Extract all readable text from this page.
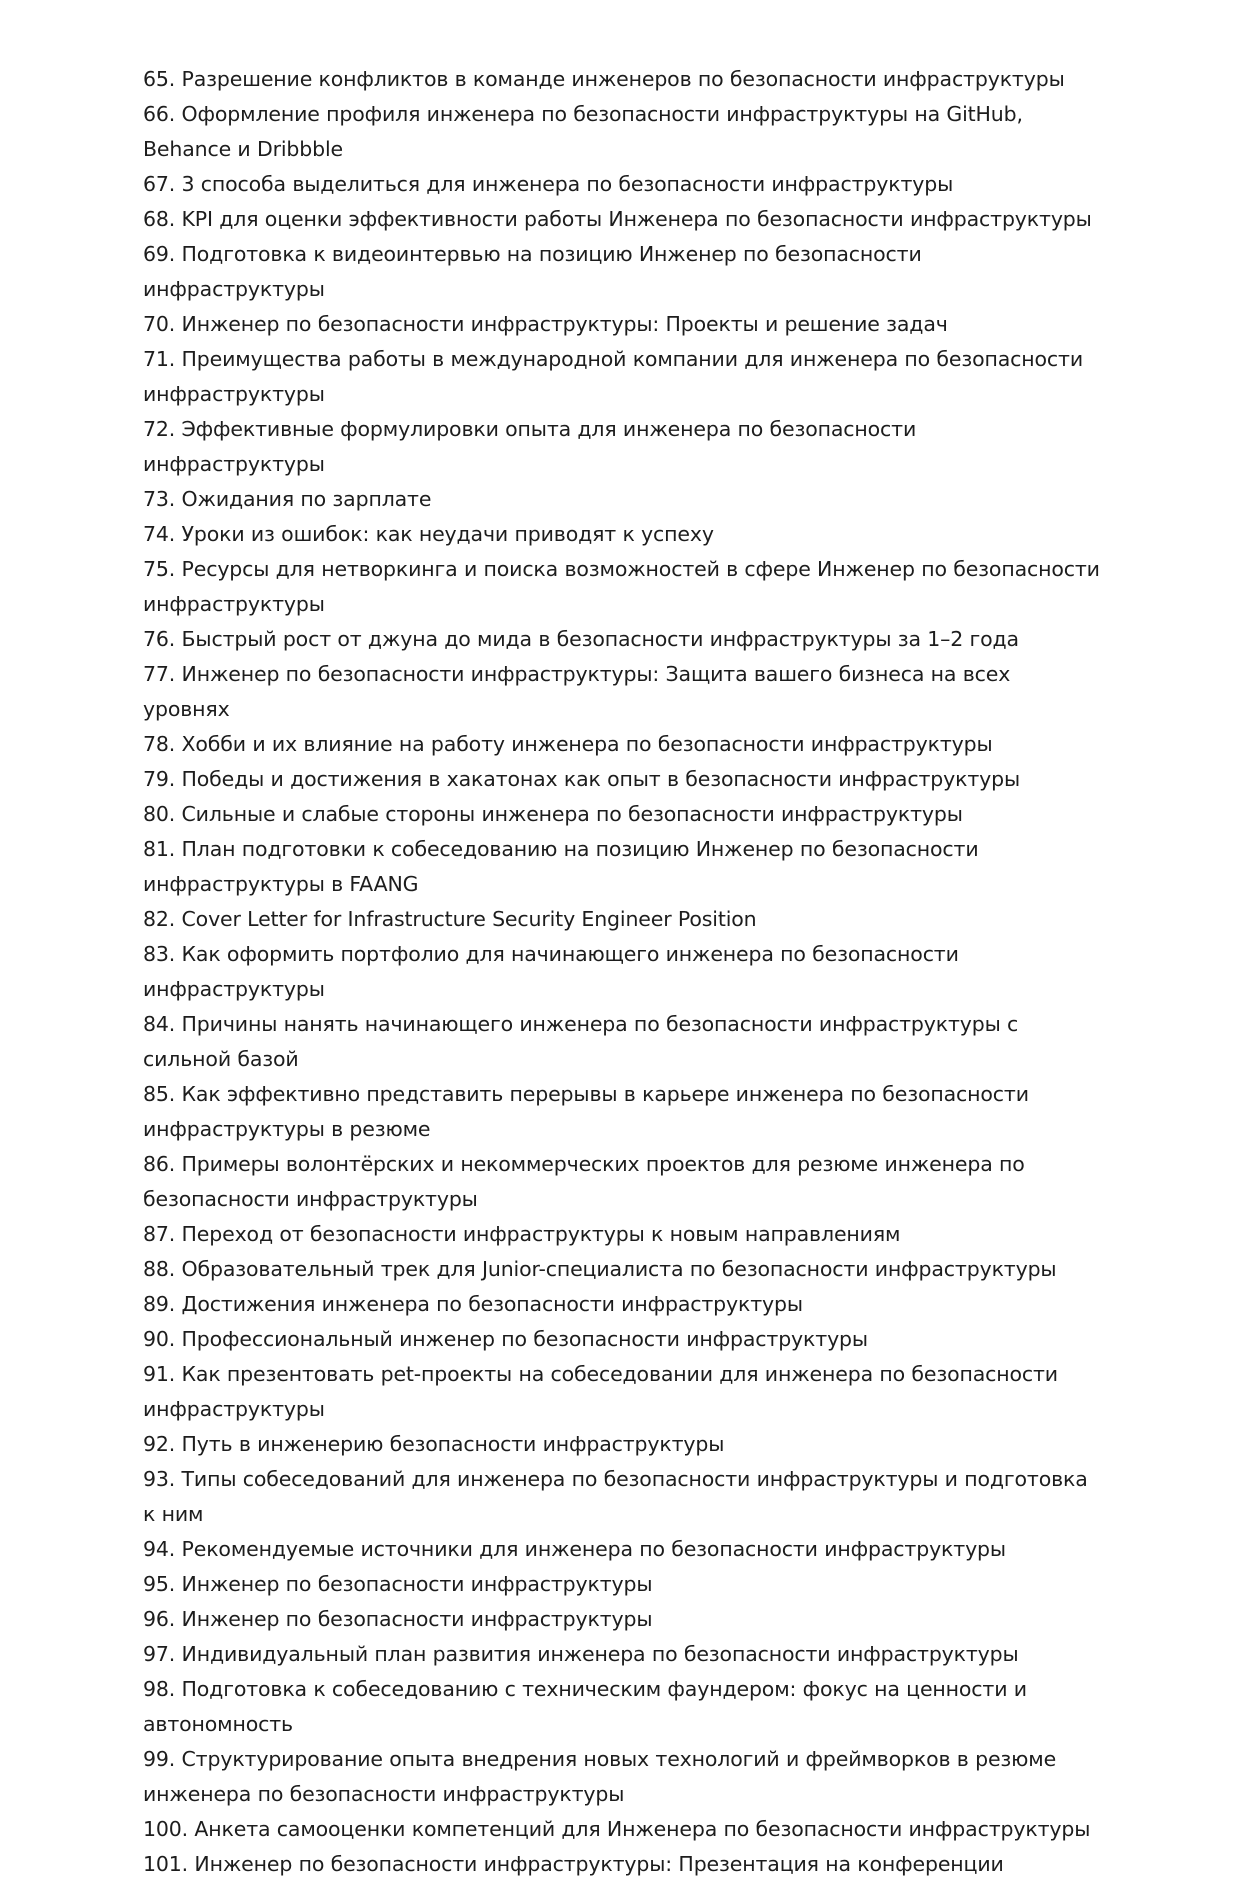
65. Разрешение конфликтов в команде инженеров по безопасности инфраструктуры
66. Оформление профиля инженера по безопасности инфраструктуры на GitHub, Behance и Dribbble
67. 3 способа выделиться для инженера по безопасности инфраструктуры
68. KPI для оценки эффективности работы Инженера по безопасности инфраструктуры
69. Подготовка к видеоинтервью на позицию Инженер по безопасности инфраструктуры
70. Инженер по безопасности инфраструктуры: Проекты и решение задач
71. Преимущества работы в международной компании для инженера по безопасности инфраструктуры
72. Эффективные формулировки опыта для инженера по безопасности инфраструктуры
73. Ожидания по зарплате
74. Уроки из ошибок: как неудачи приводят к успеху
75. Ресурсы для нетворкинга и поиска возможностей в сфере Инженер по безопасности инфраструктуры
76. Быстрый рост от джуна до мида в безопасности инфраструктуры за 1–2 года
77. Инженер по безопасности инфраструктуры: Защита вашего бизнеса на всех уровнях
78. Хобби и их влияние на работу инженера по безопасности инфраструктуры
79. Победы и достижения в хакатонах как опыт в безопасности инфраструктуры
80. Сильные и слабые стороны инженера по безопасности инфраструктуры
81. План подготовки к собеседованию на позицию Инженер по безопасности инфраструктуры в FAANG
82. Cover Letter for Infrastructure Security Engineer Position
83. Как оформить портфолио для начинающего инженера по безопасности инфраструктуры
84. Причины нанять начинающего инженера по безопасности инфраструктуры с сильной базой
85. Как эффективно представить перерывы в карьере инженера по безопасности инфраструктуры в резюме
86. Примеры волонтёрских и некоммерческих проектов для резюме инженера по безопасности инфраструктуры
87. Переход от безопасности инфраструктуры к новым направлениям
88. Образовательный трек для Junior-специалиста по безопасности инфраструктуры
89. Достижения инженера по безопасности инфраструктуры
90. Профессиональный инженер по безопасности инфраструктуры
91. Как презентовать pet-проекты на собеседовании для инженера по безопасности инфраструктуры
92. Путь в инженерию безопасности инфраструктуры
93. Типы собеседований для инженера по безопасности инфраструктуры и подготовка к ним
94. Рекомендуемые источники для инженера по безопасности инфраструктуры
95. Инженер по безопасности инфраструктуры
96. Инженер по безопасности инфраструктуры
97. Индивидуальный план развития инженера по безопасности инфраструктуры
98. Подготовка к собеседованию с техническим фаундером: фокус на ценности и автономность
99. Структурирование опыта внедрения новых технологий и фреймворков в резюме инженера по безопасности инфраструктуры
100. Анкета самооценки компетенций для Инженера по безопасности инфраструктуры
101. Инженер по безопасности инфраструктуры: Презентация на конференции
